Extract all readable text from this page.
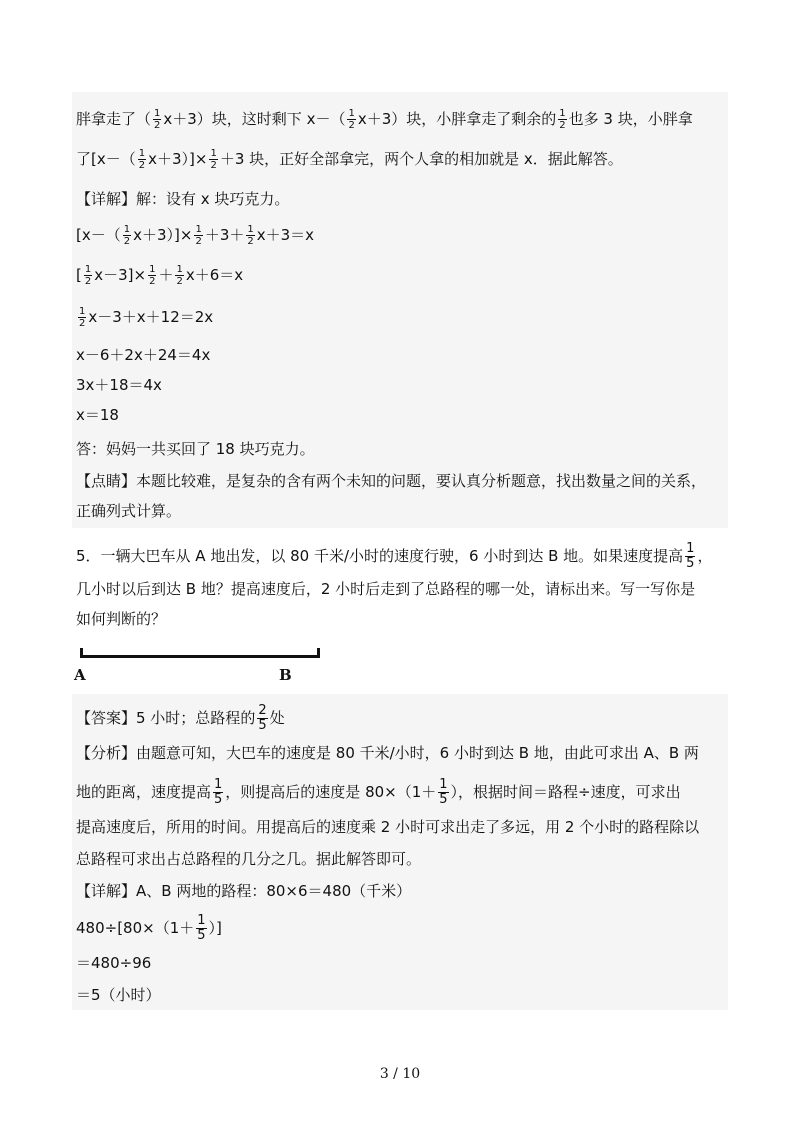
胖拿走了（ $\frac{1}{2} x+3$）块，这时剩下 $x-( \frac{1}{2} x+3)$块，小胖拿走了剩余的 $\frac{1}{2}$ 也多 3 块，小胖拿
了$[x-( \frac{1}{2} x+3)]\times \frac{1}{2} +3$ 块，正好全部拿完，两个人拿的相加就是 x．据此解答。
【详解】解：设有 x 块巧克力。
$[x-( \frac{1}{2} x+3)]\times \frac{1}{2} +3+ \frac{1}{2} x+3=x$
[ $\frac{1}{2} x-3]\times \frac{1}{2} + \frac{1}{2} x+6=x$
$\frac{1}{2} x-3+x+12=2x$
x－6＋2x＋24＝4x
3x＋18＝4x
x＝18
答：妈妈一共买回了 18 块巧克力。
【点睛】本题比较难，是复杂的含有两个未知的问题，要认真分析题意，找出数量之间的关系，
正确列式计算。
5．一辆大巴车从 A 地出发，以 80 千米/小时的速度行驶，6 小时到达 B 地。如果速度提高 $\frac{1}{5}$ ，
几小时以后到达 B 地？提高速度后，2 小时后走到了总路程的哪一处，请标出来。写一写你是
如何判断的？
A	B
【答案】5 小时；总路程的 $\frac{2}{5}$ 处
【分析】由题意可知，大巴车的速度是 80 千米/小时，6 小时到达 B 地，由此可求出 A、B 两
地的距离，速度提高 $\frac{1}{5}$ ，则提高后的速度是 $80\times(1+ \frac{1}{5}$ ），根据时间＝路程÷速度，可求出
提高速度后，所用的时间。用提高后的速度乘 2 小时可求出走了多远，用 2 个小时的路程除以
总路程可求出占总路程的几分之几。据此解答即可。
【详解】A、B 两地的路程：80×6＝480（千米）
$480\div[80\times(1+ \frac{1}{5}$ ）]
＝480÷96
＝5（小时）
3 / 10
